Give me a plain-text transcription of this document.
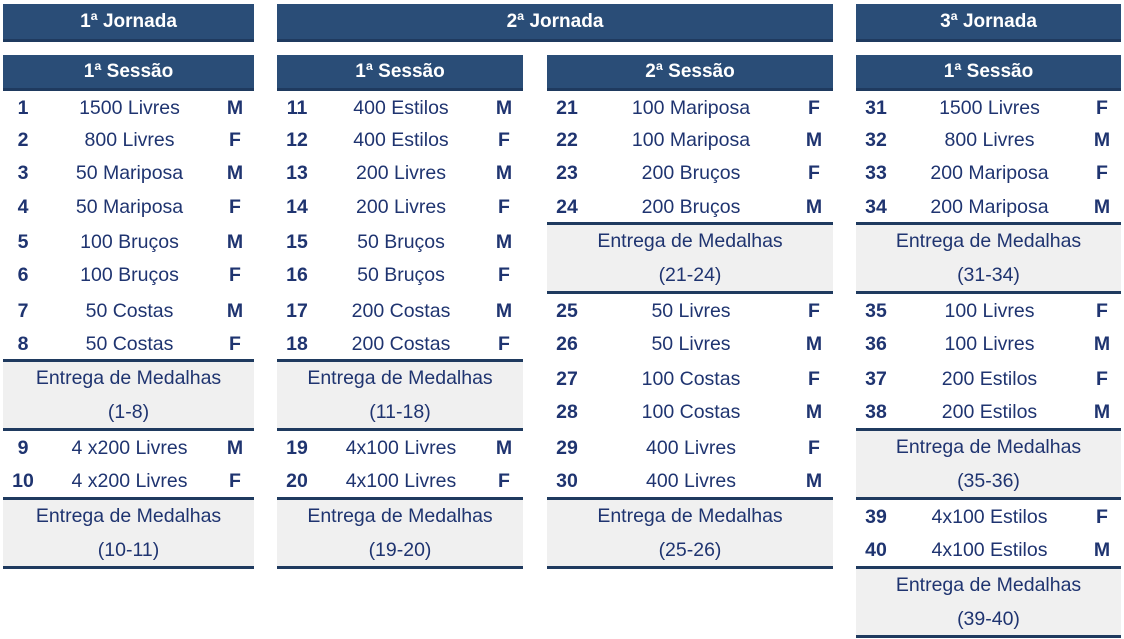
1ª Jornada	2ª Jornada	3ª Jornada
1ª Sessão	1ª Sessão	2ª Sessão	1ª Sessão
1	1500 Livres	M
2	800 Livres	F
3	50 Mariposa	M
4	50 Mariposa	F
5	100 Bruços	M
6	100 Bruços	F
7	50 Costas	M
8	50 Costas	F
Entrega de Medalhas
(1-8)
9	4 x200 Livres	M
10	4 x200 Livres	F
Entrega de Medalhas
(10-11)
11	400 Estilos	M
12	400 Estilos	F
13	200 Livres	M
14	200 Livres	F
15	50 Bruços	M
16	50 Bruços	F
17	200 Costas	M
18	200 Costas	F
Entrega de Medalhas
(11-18)
19	4x100 Livres	M
20	4x100 Livres	F
Entrega de Medalhas
(19-20)
21	100 Mariposa	F
22	100 Mariposa	M
23	200 Bruços	F
24	200 Bruços	M
Entrega de Medalhas
(21-24)
25	50 Livres	F
26	50 Livres	M
27	100 Costas	F
28	100 Costas	M
29	400 Livres	F
30	400 Livres	M
Entrega de Medalhas
(25-26)
31	1500 Livres	F
32	800 Livres	M
33	200 Mariposa	F
34	200 Mariposa	M
Entrega de Medalhas
(31-34)
35	100 Livres	F
36	100 Livres	M
37	200 Estilos	F
38	200 Estilos	M
Entrega de Medalhas
(35-36)
39	4x100 Estilos	F
40	4x100 Estilos	M
Entrega de Medalhas
(39-40)
